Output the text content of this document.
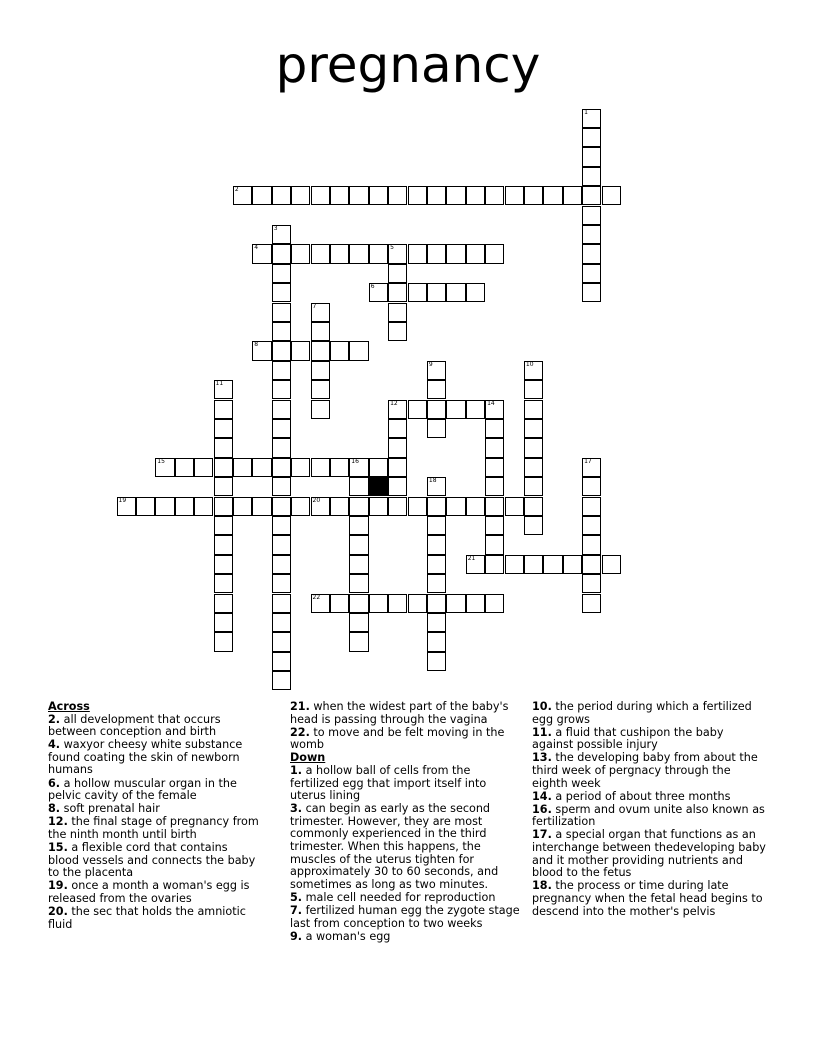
pregnancy
2
4	5
6
8
12
15	16
19	20
21
22
1
3
7
9	10
11
14
17
18
Across

2. all development that occurs between conception and birth

4. waxyor cheesy white substance found coating the skin of newborn humans

6. a hollow muscular organ in the pelvic cavity of the female

8. soft prenatal hair

12. the final stage of pregnancy from the ninth month until birth

15. a flexible cord that contains blood vessels and connects the baby to the placenta

19. once a month a woman's egg is released from the ovaries

20. the sec that holds the amniotic fluid

21. when the widest part of the baby's head is passing through the vagina

22. to move and be felt moving in the womb

Down

1. a hollow ball of cells from the fertilized egg that import itself into uterus lining

3. can begin as early as the second trimester. However, they are most commonly experienced in the third trimester. When this happens, the muscles of the uterus tighten for approximately 30 to 60 seconds, and sometimes as long as two minutes.

5. male cell needed for reproduction

7. fertilized human egg the zygote stage last from conception to two weeks

9. a woman's egg

10. the period during which a fertilized egg grows

11. a fluid that cushipon the baby against possible injury

13. the developing baby from about the third week of pergnacy through the eighth week

14. a period of about three months

16. sperm and ovum unite also known as fertilization

17. a special organ that functions as an interchange between thedeveloping baby and it mother providing nutrients and blood to the fetus

18. the process or time during late pregnancy when the fetal head begins to descend into the mother's pelvis
